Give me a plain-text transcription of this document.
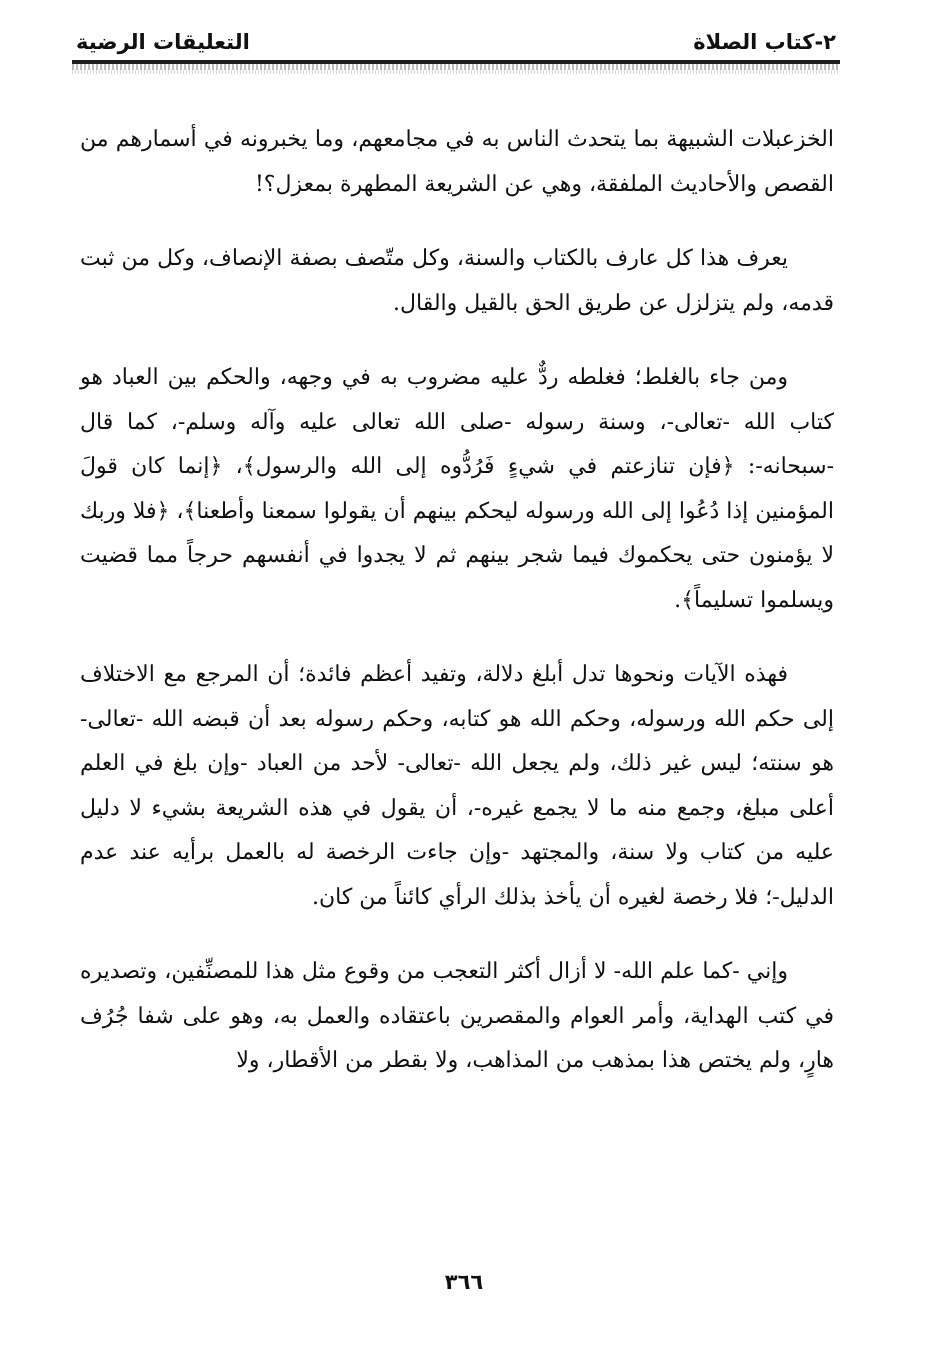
٢-كتاب الصلاة
التعليقات الرضية

الخزعبلات الشبيهة بما يتحدث الناس به في مجامعهم، وما يخبرونه في أسمارهم من القصص والأحاديث الملفقة، وهي عن الشريعة المطهرة بمعزل؟!

يعرف هذا كل عارف بالكتاب والسنة، وكل متّصف بصفة الإنصاف، وكل من ثبت قدمه، ولم يتزلزل عن طريق الحق بالقيل والقال.

ومن جاء بالغلط؛ فغلطه ردٌّ عليه مضروب به في وجهه، والحكم بين العباد هو كتاب الله -تعالى-، وسنة رسوله -صلى الله تعالى عليه وآله وسلم-، كما قال -سبحانه-: ﴿فإن تنازعتم في شيءٍ فَرُدُّوه إلى الله والرسول﴾، ﴿إنما كان قولَ المؤمنين إذا دُعُوا إلى الله ورسوله ليحكم بينهم أن يقولوا سمعنا وأطعنا﴾، ﴿فلا وربك لا يؤمنون حتى يحكموك فيما شجر بينهم ثم لا يجدوا في أنفسهم حرجاً مما قضيت ويسلموا تسليماً﴾.

فهذه الآيات ونحوها تدل أبلغ دلالة، وتفيد أعظم فائدة؛ أن المرجع مع الاختلاف إلى حكم الله ورسوله، وحكم الله هو كتابه، وحكم رسوله بعد أن قبضه الله -تعالى- هو سنته؛ ليس غير ذلك، ولم يجعل الله -تعالى- لأحد من العباد -وإن بلغ في العلم أعلى مبلغ، وجمع منه ما لا يجمع غيره-، أن يقول في هذه الشريعة بشيء لا دليل عليه من كتاب ولا سنة، والمجتهد -وإن جاءت الرخصة له بالعمل برأيه عند عدم الدليل-؛ فلا رخصة لغيره أن يأخذ بذلك الرأي كائناً من كان.

وإني -كما علم الله- لا أزال أكثر التعجب من وقوع مثل هذا للمصنِّفين، وتصديره في كتب الهداية، وأمر العوام والمقصرين باعتقاده والعمل به، وهو على شفا جُرُف هارٍ، ولم يختص هذا بمذهب من المذاهب، ولا بقطر من الأقطار، ولا

٣٦٦
